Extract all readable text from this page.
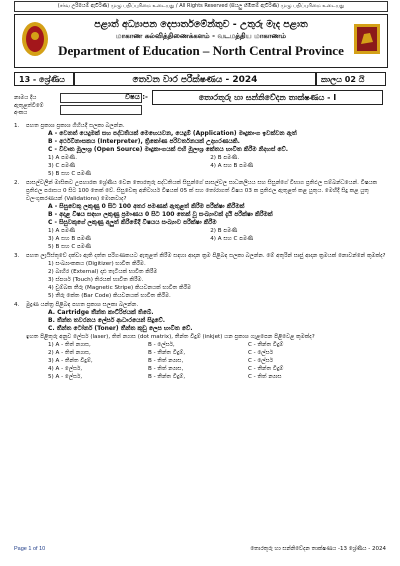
(சர்வ උරිමයම් ඇවිරිණි) முழு பதிப்புரிமை உடையது / All Rights Reserved (සියලු හිමිකම් ඇවිරිණි) முழு பதிப்புரிமை உடையது
පළාත් අධ්‍යාපන දෙපාර්තමේන්තුව - උතුරු මැද පළාත
மாகாண கல்வித்திணைக்களம் - வடமத்திய மாகாணம்
Department of Education – North Central Province
13 - ශ්‍රේණිය	තෙවන වාර පරීක්ෂණය - 2024	කාලය 02 යි
නාමය දිය
ඇතුළත්වීමේ අංකය
විෂය :-	තොරතුරු හා සන්නිවේදන තාක්ෂණය - I
1. පහත ප්‍රකාශ ප්‍රකාශ ගිහියදී සලකා බලන්න.
A - වෙනත් යෙදුමක් සහ පද්ධතියක් මෙහෙයවන, යෙදුම් (Application) මෘදුකාංග ඉවක්වන ඇත්
B - අර්ථවිනාසකය (Interpreter), ත්‍රිකෝණ පරිවර්තනයක් උදාහරණයකි.
C - විවෘත මූලාශ්‍ර (Open Source) මෘදුකාංගයක් එහි මූලාශ්‍ර කේතය භාවිත කිරීම නිදහස් වේ.
1) A පමණි.	2) B පමණි.
3) C පමණි	4) A සහ B පමණි
5) B සහ C පමණි
2. පාසල්වලින් මාසිකව උපහාරක ශ්‍රේණිය වෙන තොරතුරු පද්ධතියක් සිසුන්ගේ පාසල්වල සාධනලියය සහ සිසුන්ගේ විභාග ප්‍රතිඵල සම්බන්ධයෙන්. විෂයක ප්‍රතිඵල පරාසය 0 සිට 100 තෙක් වේ. සිසුවෙකු අනිවාර්ය විෂයක් 05 ක් සහ තෝරාගත් විෂය 03 ක ප්‍රතිඵල ඇතුළත් කළ යුතුය. මෙහිදී සිදු කළ යුතු වලංගුකරණයන් (Validations) මොනවාද?
A - සිසුවෙකු ලකුණු 0 සිට 100 අතර පමණක් ඇතුළත් කිරීම පරීක්ෂා කිරීමක්
B - අදාළ විෂය සඳහා ලකුණු ප්‍රමාණය 0 සිට 100 තෙක් වූ සංඛ්‍යාවක් දැයි පරීක්ෂා කිරීමක්
C - සිසුවකුගේ ලකුණු අලුත් කිරීමේදී විෂයය සංඛ්‍යාව පරීක්ෂා කිරීම
1) A පමණි	2) B පමණි
3) A සහ B පමණි	4) A සහ C පමණි
5) B සහ C පමණි
3. පහත ලැයිස්තුවේ දක්වා ඇති දත්ත පරිගණකයට ඇතුළත් කිරීම සඳහා ආදාන ක්‍රම පිළිබඳ සලකා බලන්න. මේ අතුරින් සෘජු ආදාන ක්‍රමයක් නොවන්නේ කුමක්ද?
1) සංඛ්‍යාංකකය (Digitizer) භාවිත කිරීම.
2) බාහිර (External) දෘඪ තැටියක් භාවිත කිරීම
3) ස්පර්ශ (Touch) තිරයක් භාවිත කිරීම.
4) චුම්බක තීරු (Magnetic Stripe) කියවනයක් භාවිත කිරීම
5) තීරු කේත (Bar Code) කියවනයක් භාවිත කිරීම.
4. මුද්‍රණ යන්ත්‍ර පිළිබඳ පහත ප්‍රකාශ සලකා බලන්න.
A. Cartridge තීන්ත කාට්රිජයක් තිබේ.
B. තීන්ත තවරනය ලේසර් ආධාරයෙන් සිදුවේ.
C. තීන්ත ටෝනර් (Toner) තීන්ත කුඩු ලෙස භාවිත වේ.
ඉහත පිළිතුරු අනුව ලේසර් (laser), තිත් න්‍යාස (dot matrix), තීන්ත විදුම් (inkjet) යන ප්‍රකාශ ගැළපෙන පිළිවෙළ කුමක්ද?
1) A - තිත් න්‍යාස,	B - ලේසර්,	C - තීන්ත විදුම්
2) A - තිත් න්‍යාස,	B - තීන්ත විදුම්,	C - ලේසර්
3) A - තීන්ත විදුම්,	B - තිත් න්‍යාස,	C - ලේසර්
4) A - ලේසර්,	B - තිත් න්‍යාස,	C - තීන්ත විදුම්
5) A - ලේසර්,	B - තීන්ත විදුම්,	C - තිත් න්‍යාස
Page 1 of 10	තොරතුරු හා සන්නිවේදන තාක්ෂණය -13 ශ්‍රේණිය - 2024
